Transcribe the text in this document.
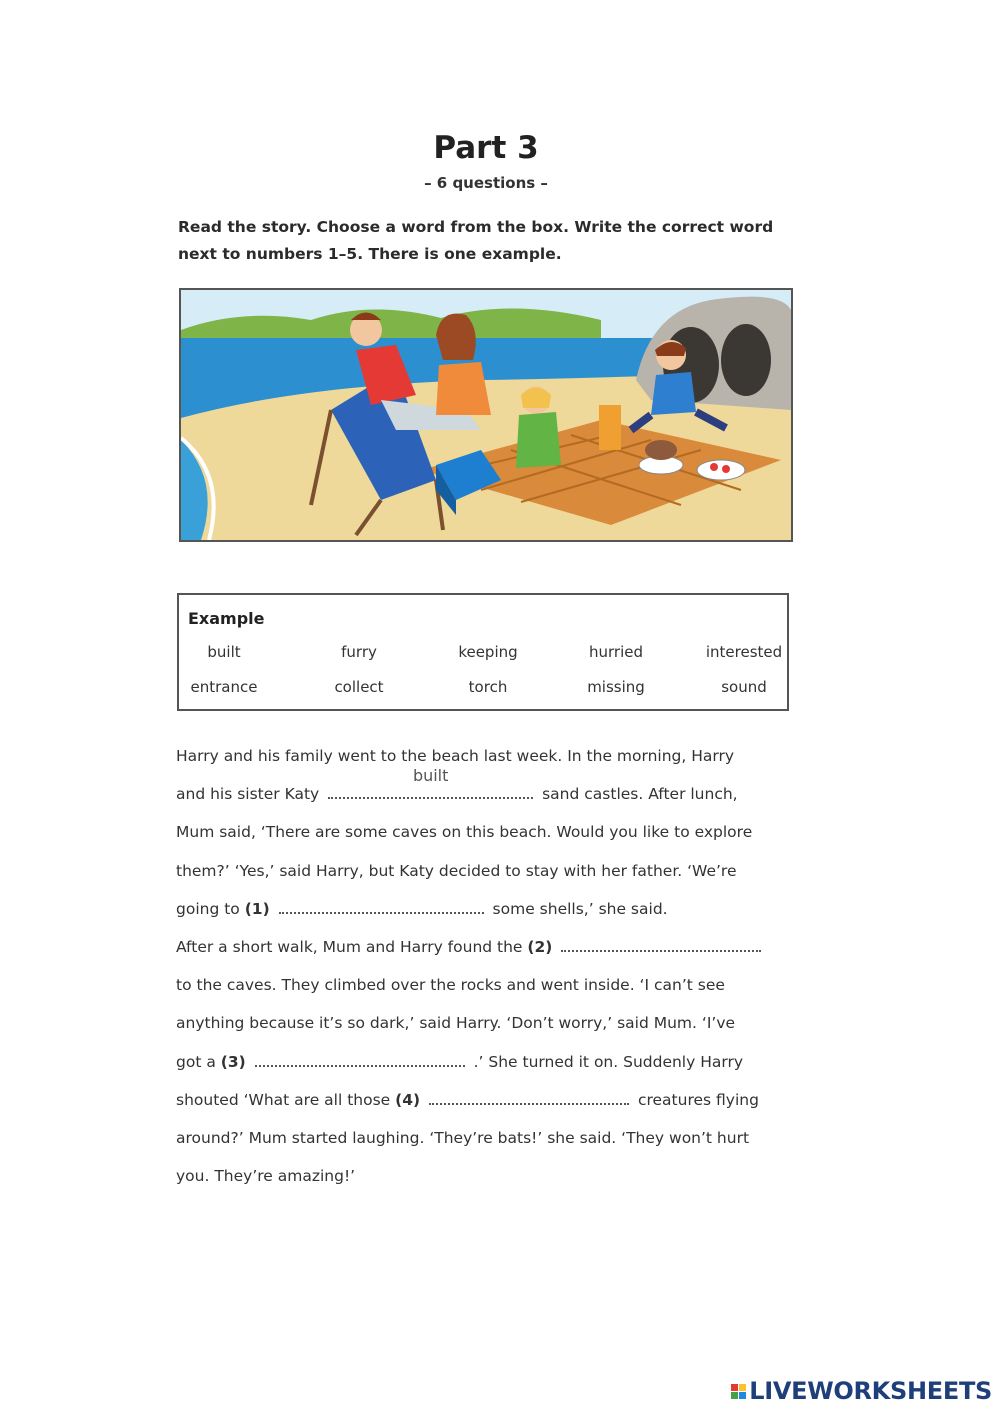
Part 3
– 6 questions –
Read the story. Choose a word from the box. Write the correct word next to numbers 1–5. There is one example.
Example
built	furry	keeping	hurried	interested
entrance	collect	torch	missing	sound
Harry and his family went to the beach last week. In the morning, Harry
and his sister Katy
built
sand castles. After lunch,
Mum said, ‘There are some caves on this beach. Would you like to explore
them?’ ‘Yes,’ said Harry, but Katy decided to stay with her father. ‘We’re
going to (1)	some shells,’ she said.
After a short walk, Mum and Harry found the (2)
to the caves. They climbed over the rocks and went inside. ‘I can’t see
anything because it’s so dark,’ said Harry. ‘Don’t worry,’ said Mum. ‘I’ve
got a (3)	.’ She turned it on. Suddenly Harry
shouted ‘What are all those (4)	creatures flying
around?’ Mum started laughing. ‘They’re bats!’ she said. ‘They won’t hurt
you. They’re amazing!’
LIVEWORKSHEETS
